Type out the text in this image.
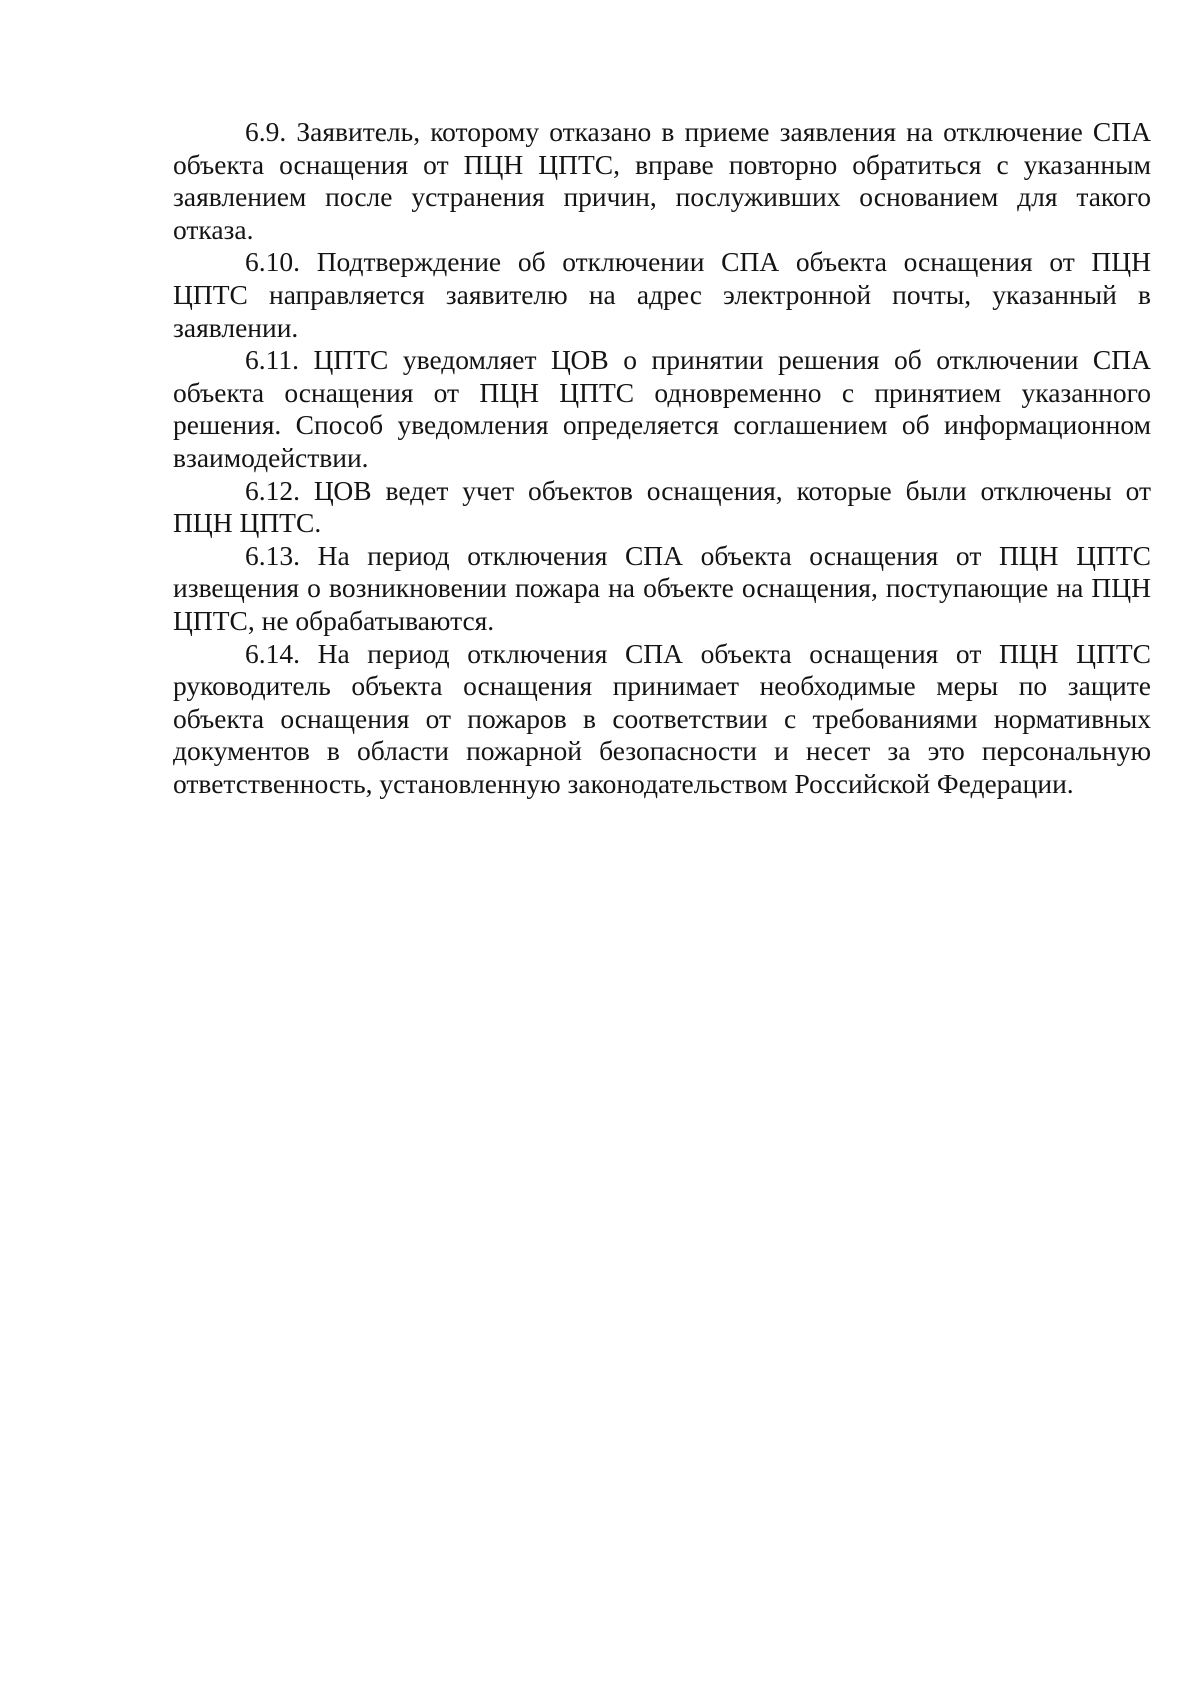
6.9. Заявитель, которому отказано в приеме заявления на отключение СПА объекта оснащения от ПЦН ЦПТС, вправе повторно обратиться с указанным заявлением после устранения причин, послуживших основанием для такого отказа.

6.10. Подтверждение об отключении СПА объекта оснащения от ПЦН ЦПТС направляется заявителю на адрес электронной почты, указанный в заявлении.

6.11. ЦПТС уведомляет ЦОВ о принятии решения об отключении СПА объекта оснащения от ПЦН ЦПТС одновременно с принятием указанного решения. Способ уведомления определяется соглашением об информационном взаимодействии.

6.12. ЦОВ ведет учет объектов оснащения, которые были отключены от ПЦН ЦПТС.

6.13. На период отключения СПА объекта оснащения от ПЦН ЦПТС извещения о возникновении пожара на объекте оснащения, поступающие на ПЦН ЦПТС, не обрабатываются.

6.14. На период отключения СПА объекта оснащения от ПЦН ЦПТС руководитель объекта оснащения принимает необходимые меры по защите объекта оснащения от пожаров в соответствии с требованиями нормативных документов в области пожарной безопасности и несет за это персональную ответственность, установленную законодательством Российской Федерации.
